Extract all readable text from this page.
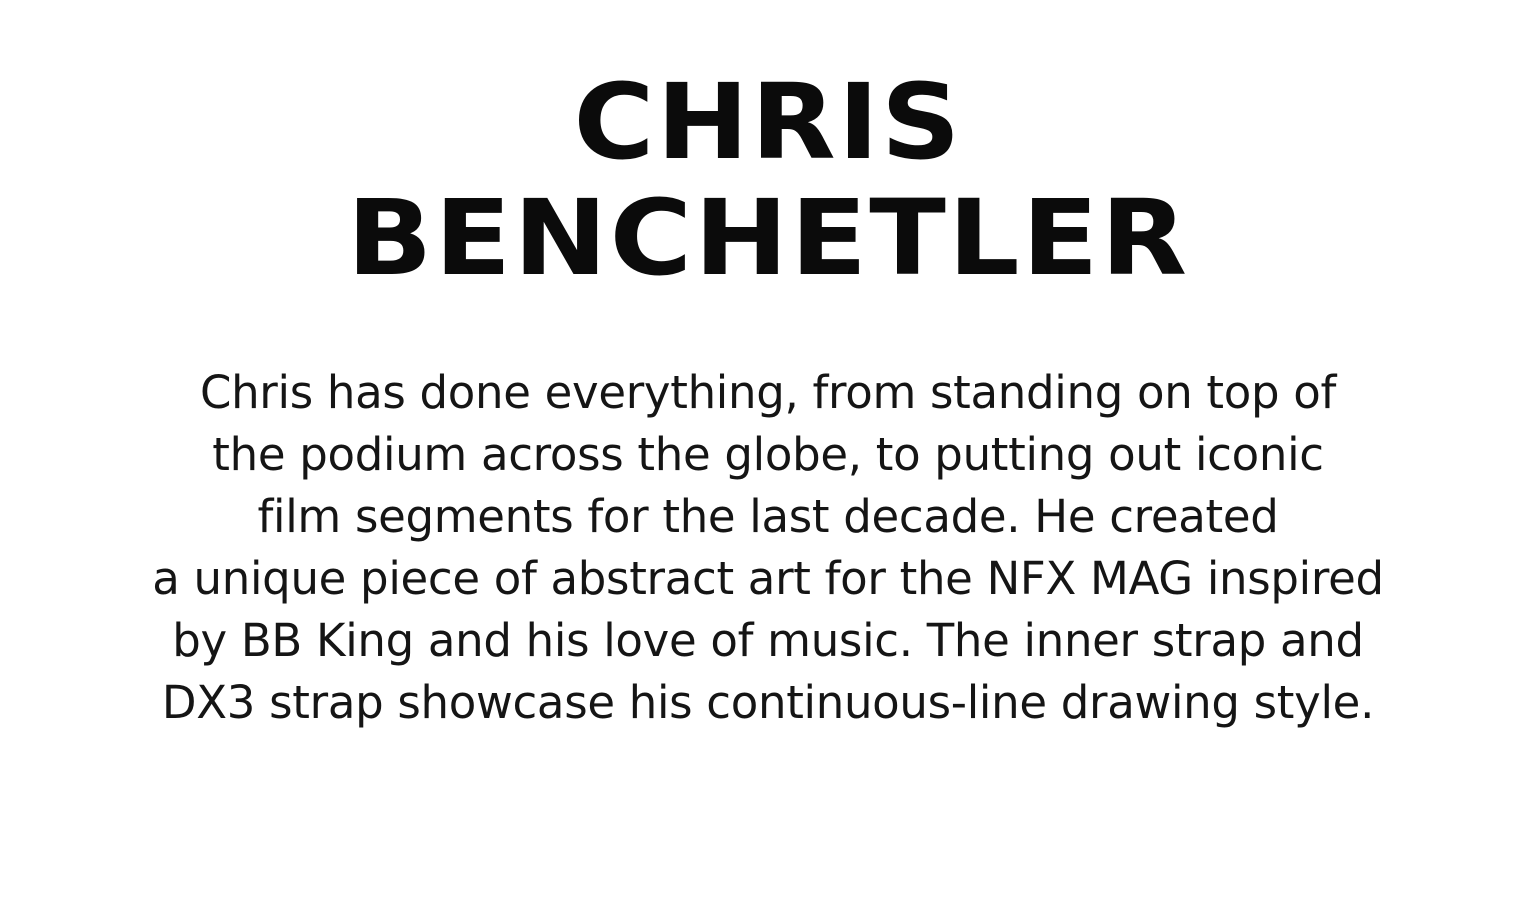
CHRIS
BENCHETLER
Chris has done everything, from standing on top of
the podium across the globe, to putting out iconic
film segments for the last decade. He created
a unique piece of abstract art for the NFX MAG inspired
by BB King and his love of music. The inner strap and
DX3 strap showcase his continuous-line drawing style.
